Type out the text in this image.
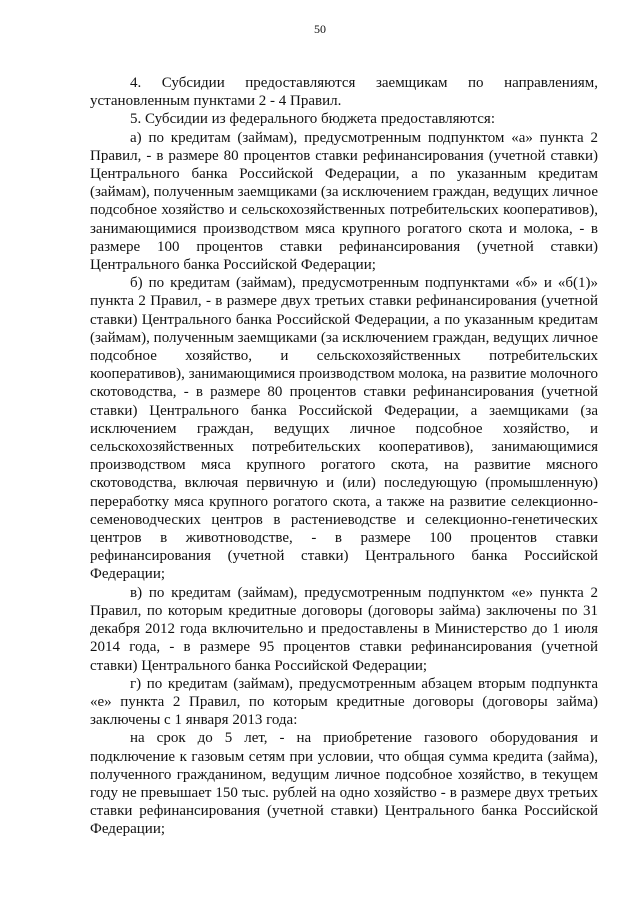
50

4. Субсидии предоставляются заемщикам по направлениям, установленным пунктами 2 - 4 Правил.

5. Субсидии из федерального бюджета предоставляются:

а) по кредитам (займам), предусмотренным подпунктом «а» пункта 2 Правил, - в размере 80 процентов ставки рефинансирования (учетной ставки) Центрального банка Российской Федерации, а по указанным кредитам (займам), полученным заемщиками (за исключением граждан, ведущих личное подсобное хозяйство и сельскохозяйственных потребительских кооперативов), занимающимися производством мяса крупного рогатого скота и молока, - в размере 100 процентов ставки рефинансирования (учетной ставки) Центрального банка Российской Федерации;

б) по кредитам (займам), предусмотренным подпунктами «б» и «б(1)» пункта 2 Правил, - в размере двух третьих ставки рефинансирования (учетной ставки) Центрального банка Российской Федерации, а по указанным кредитам (займам), полученным заемщиками (за исключением граждан, ведущих личное подсобное хозяйство, и сельскохозяйственных потребительских кооперативов), занимающимися производством молока, на развитие молочного скотоводства, - в размере 80 процентов ставки рефинансирования (учетной ставки) Центрального банка Российской Федерации, а заемщиками (за исключением граждан, ведущих личное подсобное хозяйство, и сельскохозяйственных потребительских кооперативов), занимающимися производством мяса крупного рогатого скота, на развитие мясного скотоводства, включая первичную и (или) последующую (промышленную) переработку мяса крупного рогатого скота, а также на развитие селекционно-семеноводческих центров в растениеводстве и селекционно-генетических центров в животноводстве, - в размере 100 процентов ставки рефинансирования (учетной ставки) Центрального банка Российской Федерации;

в) по кредитам (займам), предусмотренным подпунктом «е» пункта 2 Правил, по которым кредитные договоры (договоры займа) заключены по 31 декабря 2012 года включительно и предоставлены в Министерство до 1 июля 2014 года, - в размере 95 процентов ставки рефинансирования (учетной ставки) Центрального банка Российской Федерации;

г) по кредитам (займам), предусмотренным абзацем вторым подпункта «е» пункта 2 Правил, по которым кредитные договоры (договоры займа) заключены с 1 января 2013 года:

на срок до 5 лет, - на приобретение газового оборудования и подключение к газовым сетям при условии, что общая сумма кредита (займа), полученного гражданином, ведущим личное подсобное хозяйство, в текущем году не превышает 150 тыс. рублей на одно хозяйство - в размере двух третьих ставки рефинансирования (учетной ставки) Центрального банка Российской Федерации;
